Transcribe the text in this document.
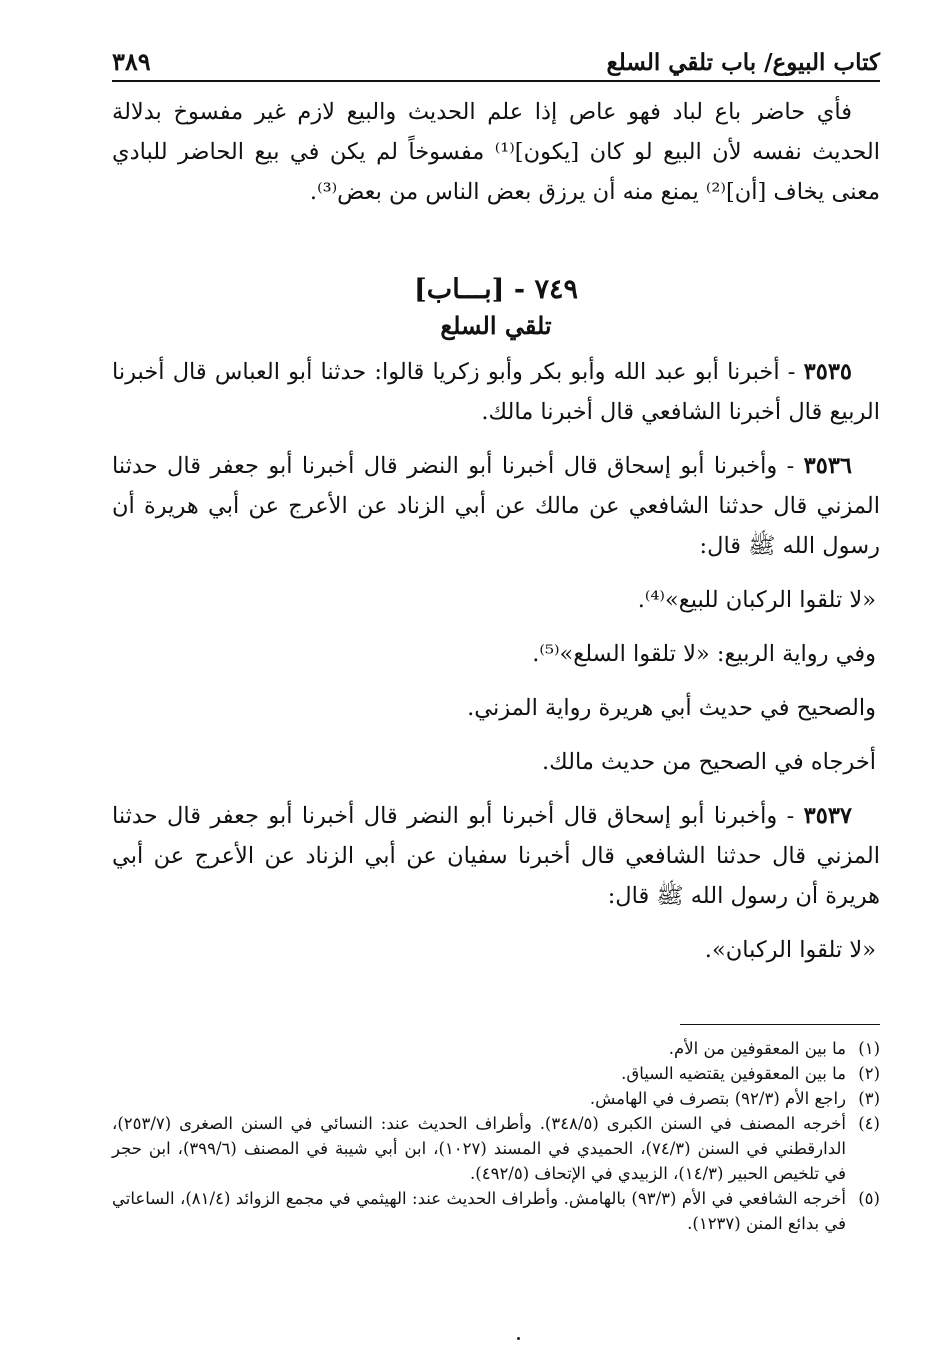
٣٨٩	كتاب البيوع/ باب تلقي السلع

فأي حاضر باع لباد فهو عاص إذا علم الحديث والبيع لازم غير مفسوخ بدلالة الحديث نفسه لأن البيع لو كان [يكون]⁽¹⁾ مفسوخاً لم يكن في بيع الحاضر للبادي معنى يخاف [أن]⁽²⁾ يمنع منه أن يرزق بعض الناس من بعض⁽³⁾.

٧٤٩ - [بـــاب]

تلقي السلع

٣٥٣٥ - أخبرنا أبو عبد الله وأبو بكر وأبو زكريا قالوا: حدثنا أبو العباس قال أخبرنا الربيع قال أخبرنا الشافعي قال أخبرنا مالك.

٣٥٣٦ - وأخبرنا أبو إسحاق قال أخبرنا أبو النضر قال أخبرنا أبو جعفر قال حدثنا المزني قال حدثنا الشافعي عن مالك عن أبي الزناد عن الأعرج عن أبي هريرة أن رسول الله ﷺ قال:

«لا تلقوا الركبان للبيع»⁽⁴⁾.

وفي رواية الربيع: «لا تلقوا السلع»⁽⁵⁾.

والصحيح في حديث أبي هريرة رواية المزني.

أخرجاه في الصحيح من حديث مالك.

٣٥٣٧ - وأخبرنا أبو إسحاق قال أخبرنا أبو النضر قال أخبرنا أبو جعفر قال حدثنا المزني قال حدثنا الشافعي قال أخبرنا سفيان عن أبي الزناد عن الأعرج عن أبي هريرة أن رسول الله ﷺ قال:

«لا تلقوا الركبان».

(١)ما بين المعقوفين من الأم.

(٢)ما بين المعقوفين يقتضيه السياق.

(٣)راجع الأم (٩٢/٣) بتصرف في الهامش.

(٤)أخرجه المصنف في السنن الكبرى (٣٤٨/٥). وأطراف الحديث عند: النسائي في السنن الصغرى (٢٥٣/٧)، الدارقطني في السنن (٧٤/٣)، الحميدي في المسند (١٠٢٧)، ابن أبي شيبة في المصنف (٣٩٩/٦)، ابن حجر في تلخيص الحبير (١٤/٣)، الزبيدي في الإتحاف (٤٩٢/٥).

(٥)أخرجه الشافعي في الأم (٩٣/٣) بالهامش. وأطراف الحديث عند: الهيثمي في مجمع الزوائد (٨١/٤)، الساعاتي في بدائع المنن (١٢٣٧).
